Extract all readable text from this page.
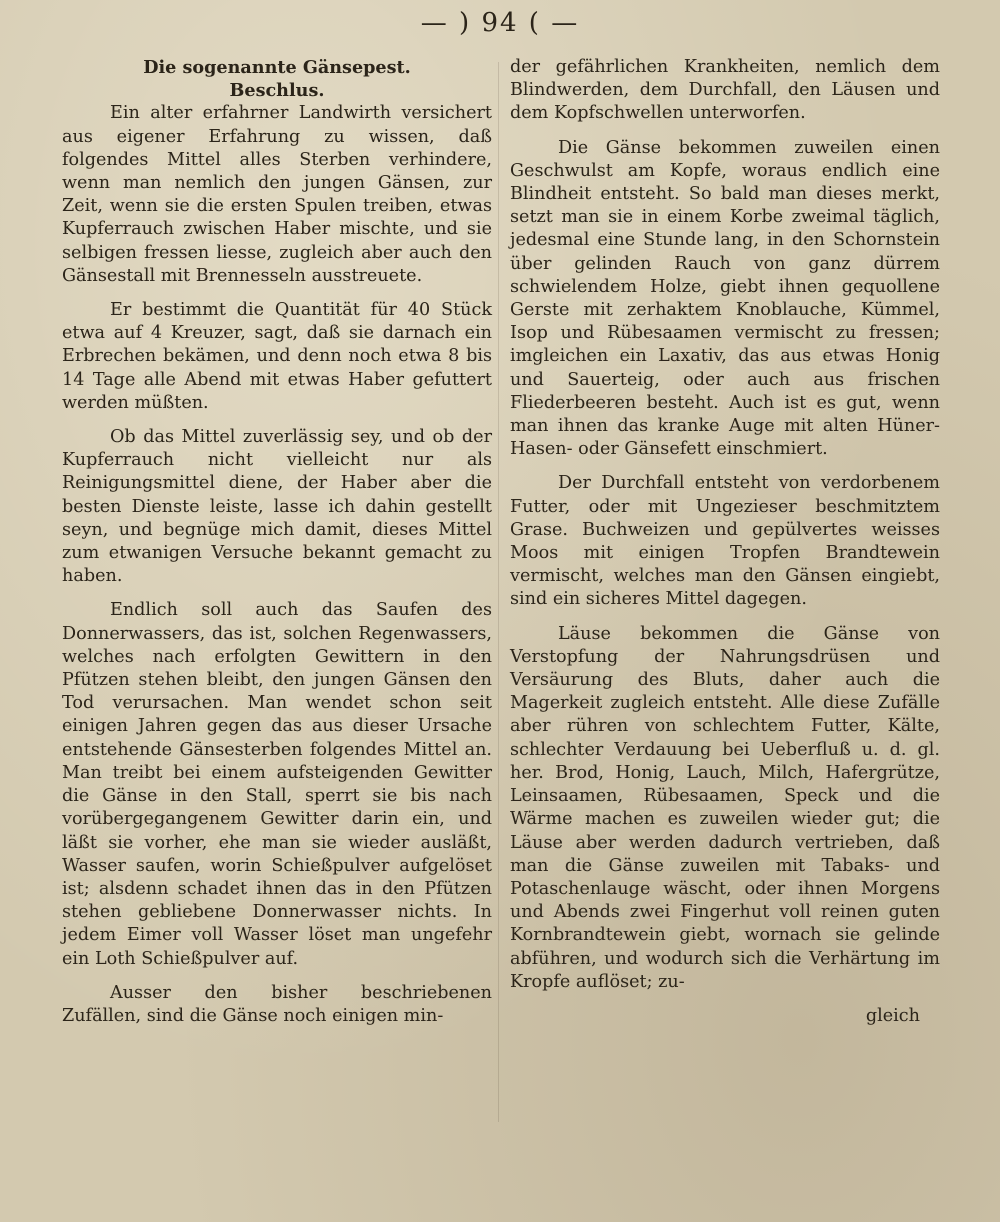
— ) 94 ( —
Die sogenannte Gänsepest.
Beschlus.

Ein alter erfahrner Landwirth versichert aus eigener Erfahrung zu wissen, daß folgendes Mittel alles Sterben verhindere, wenn man nemlich den jungen Gänsen, zur Zeit, wenn sie die ersten Spulen treiben, etwas Kupferrauch zwischen Haber mischte, und sie selbigen fressen liesse, zugleich aber auch den Gänsestall mit Brennesseln ausstreuete.

Er bestimmt die Quantität für 40 Stück etwa auf 4 Kreuzer, sagt, daß sie darnach ein Erbrechen bekämen, und denn noch etwa 8 bis 14 Tage alle Abend mit etwas Haber gefuttert werden müßten.

Ob das Mittel zuverlässig sey, und ob der Kupferrauch nicht vielleicht nur als Reinigungsmittel diene, der Haber aber die besten Dienste leiste, lasse ich dahin gestellt seyn, und begnüge mich damit, dieses Mittel zum etwanigen Versuche bekannt gemacht zu haben.

Endlich soll auch das Saufen des Donnerwassers, das ist, solchen Regenwassers, welches nach erfolgten Gewittern in den Pfützen stehen bleibt, den jungen Gänsen den Tod verursachen. Man wendet schon seit einigen Jahren gegen das aus dieser Ursache entstehende Gänsesterben folgendes Mittel an. Man treibt bei einem aufsteigenden Gewitter die Gänse in den Stall, sperrt sie bis nach vorübergegangenem Gewitter darin ein, und läßt sie vorher, ehe man sie wieder ausläßt, Wasser saufen, worin Schießpulver aufgelöset ist; alsdenn schadet ihnen das in den Pfützen stehen gebliebene Donnerwasser nichts. In jedem Eimer voll Wasser löset man ungefehr ein Loth Schießpulver auf.

Ausser den bisher beschriebenen Zufällen, sind die Gänse noch einigen min-

der gefährlichen Krankheiten, nemlich dem Blindwerden, dem Durchfall, den Läusen und dem Kopfschwellen unterworfen.

Die Gänse bekommen zuweilen einen Geschwulst am Kopfe, woraus endlich eine Blindheit entsteht. So bald man dieses merkt, setzt man sie in einem Korbe zweimal täglich, jedesmal eine Stunde lang, in den Schornstein über gelinden Rauch von ganz dürrem schwielendem Holze, giebt ihnen gequollene Gerste mit zerhaktem Knoblauche, Kümmel, Isop und Rübesaamen vermischt zu fressen; imgleichen ein Laxativ, das aus etwas Honig und Sauerteig, oder auch aus frischen Fliederbeeren besteht. Auch ist es gut, wenn man ihnen das kranke Auge mit alten Hüner- Hasen- oder Gänsefett einschmiert.

Der Durchfall entsteht von verdorbenem Futter, oder mit Ungezieser beschmitztem Grase. Buchweizen und gepülvertes weisses Moos mit einigen Tropfen Brandtewein vermischt, welches man den Gänsen eingiebt, sind ein sicheres Mittel dagegen.

Läuse bekommen die Gänse von Verstopfung der Nahrungsdrüsen und Versäurung des Bluts, daher auch die Magerkeit zugleich entsteht. Alle diese Zufälle aber rühren von schlechtem Futter, Kälte, schlechter Verdauung bei Ueberfluß u. d. gl. her. Brod, Honig, Lauch, Milch, Hafergrütze, Leinsaamen, Rübesaamen, Speck und die Wärme machen es zuweilen wieder gut; die Läuse aber werden dadurch vertrieben, daß man die Gänse zuweilen mit Tabaks- und Potaschenlauge wäscht, oder ihnen Morgens und Abends zwei Fingerhut voll reinen guten Kornbrandtewein giebt, wornach sie gelinde abführen, und wodurch sich die Verhärtung im Kropfe auflöset; zu-

gleich
